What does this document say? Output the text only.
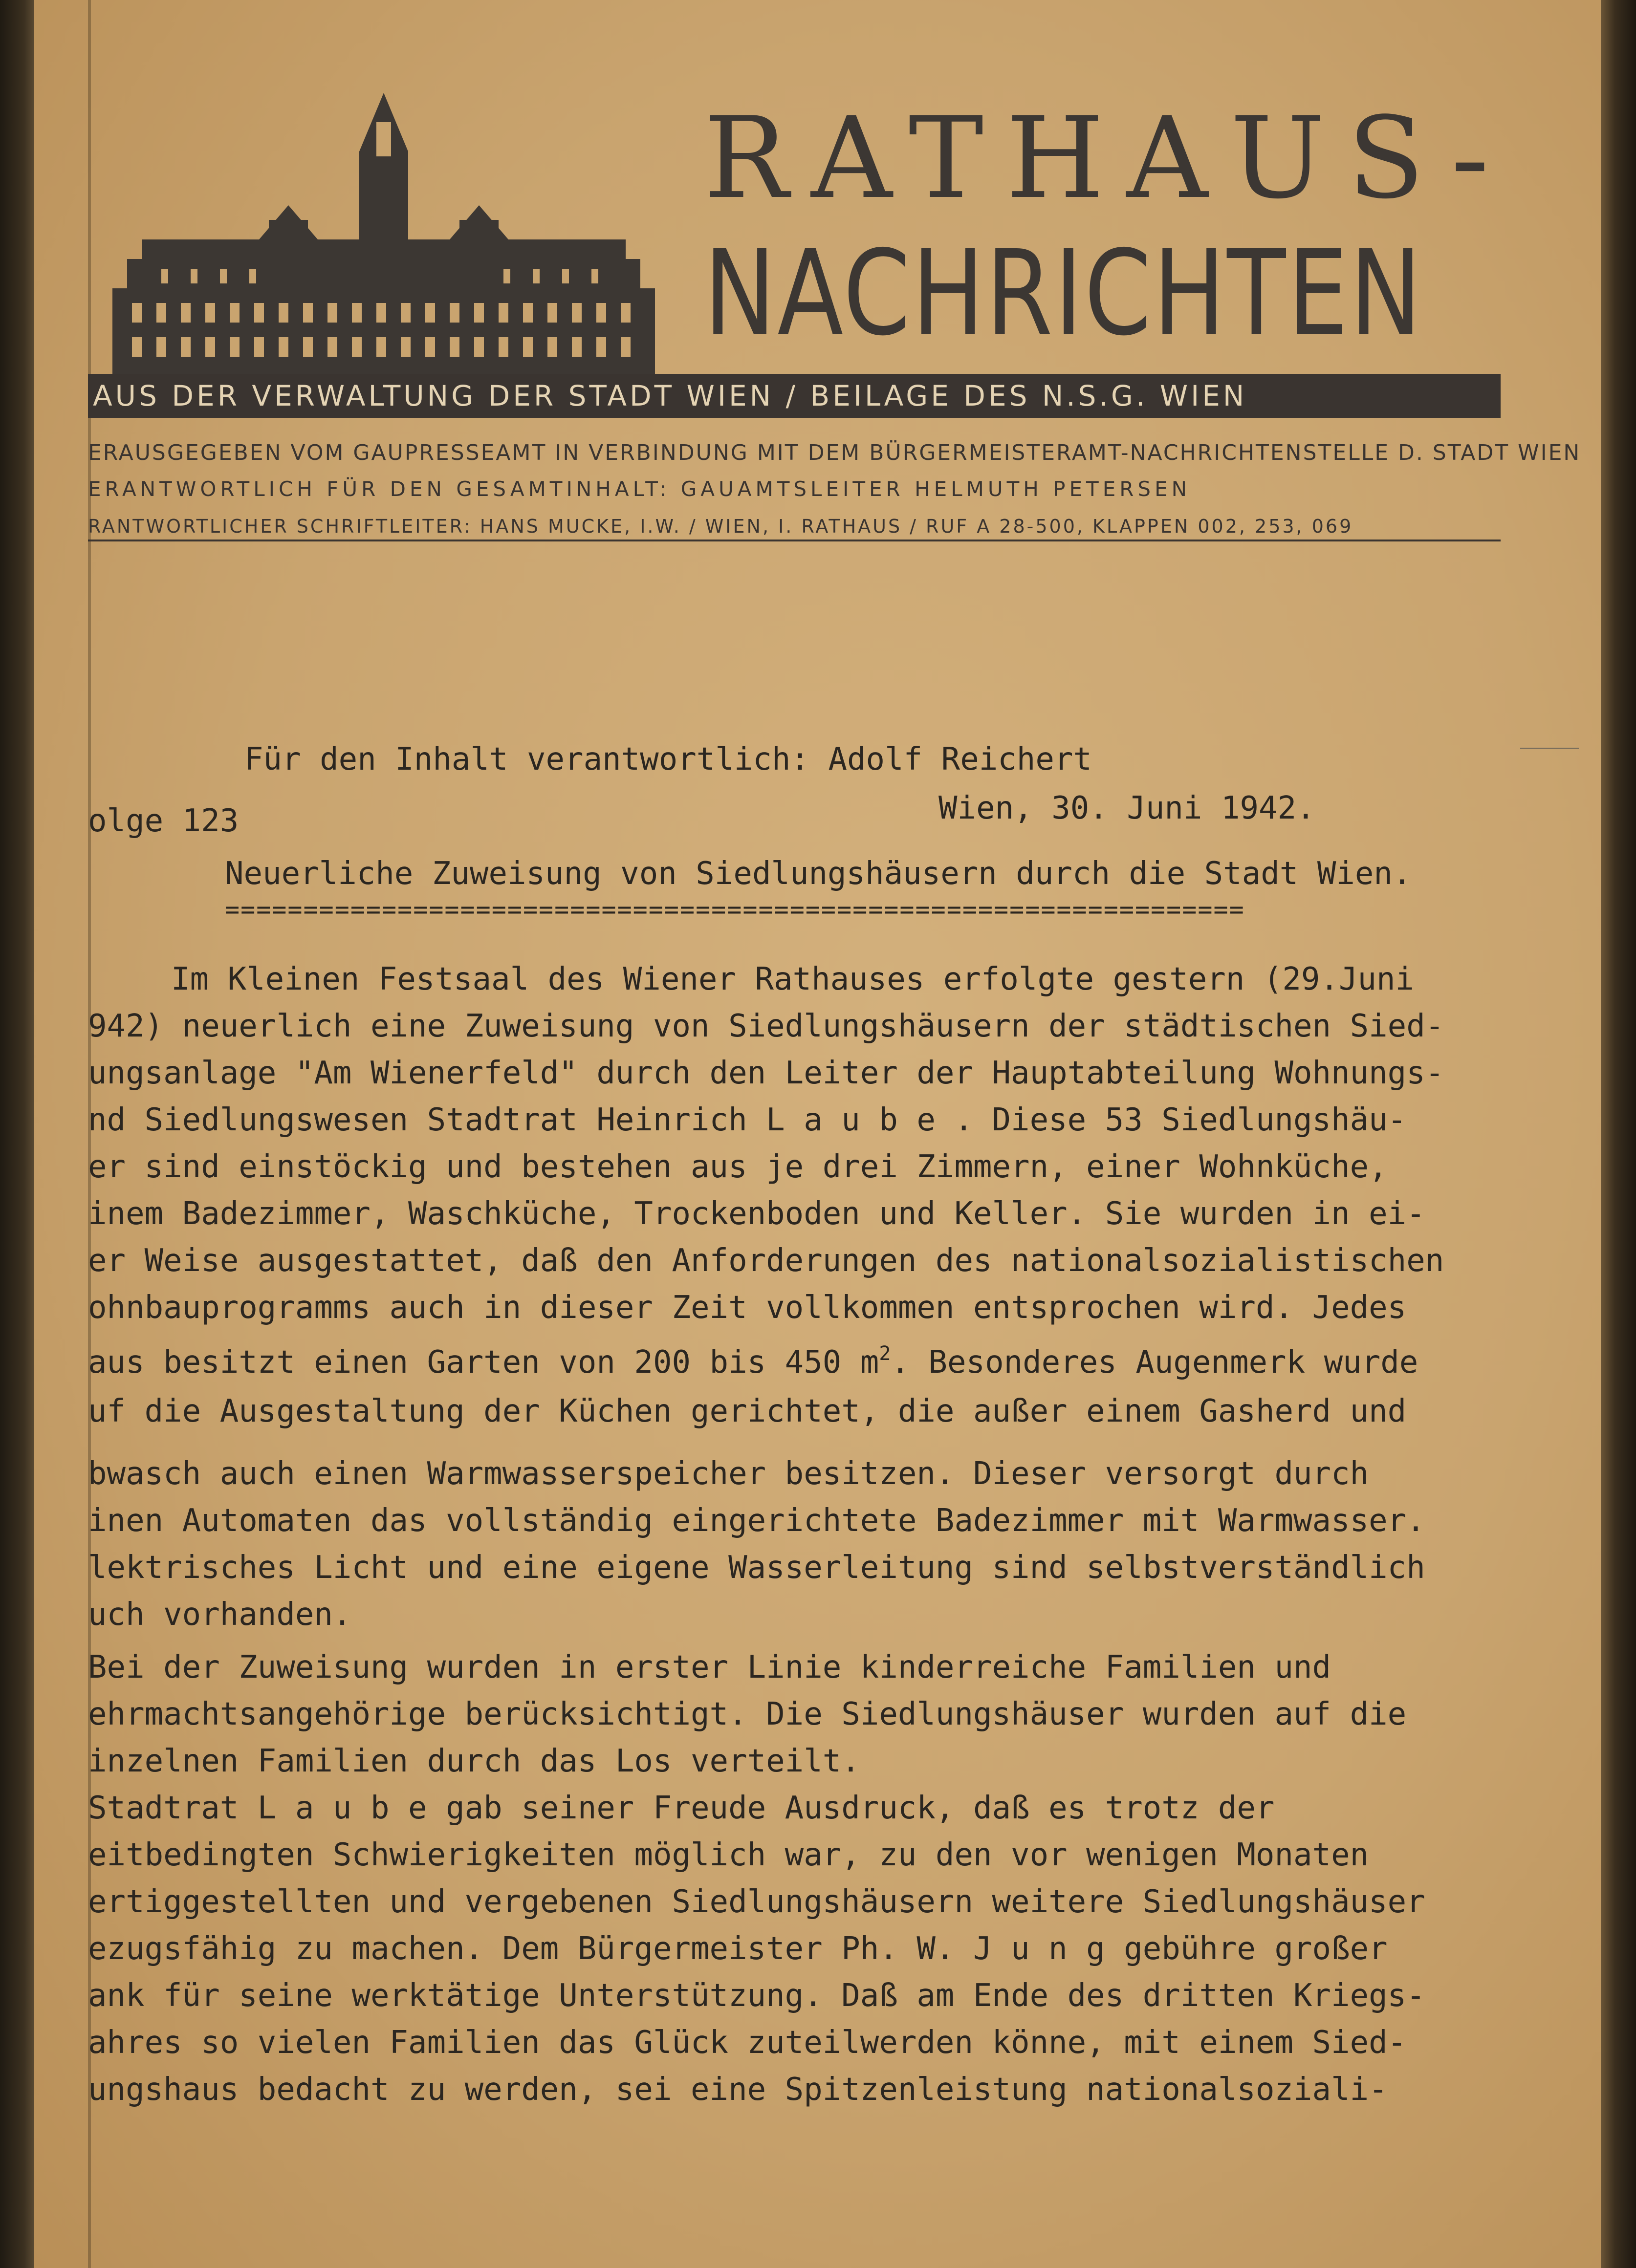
RATHAUS-
NACHRICHTEN
AUS DER VERWALTUNG DER STADT WIEN / BEILAGE DES N.S.G. WIEN
ERAUSGEGEBEN VOM GAUPRESSEAMT IN VERBINDUNG MIT DEM BÜRGERMEISTERAMT-NACHRICHTENSTELLE D. STADT WIEN
ERANTWORTLICH FÜR DEN GESAMTINHALT: GAUAMTSLEITER HELMUTH PETERSEN
RANTWORTLICHER SCHRIFTLEITER: HANS MUCKE, I.W. / WIEN, I. RATHAUS / RUF A 28-500, KLAPPEN 002, 253, 069
Für den Inhalt verantwortlich: Adolf Reichert
Wien, 30. Juni 1942.
olge 123
Neuerliche Zuweisung von Siedlungshäusern durch die Stadt Wien.
=================================================================
Im Kleinen Festsaal des Wiener Rathauses erfolgte gestern (29.Juni
942) neuerlich eine Zuweisung von Siedlungshäusern der städtischen Sied-
ungsanlage "Am Wienerfeld" durch den Leiter der Hauptabteilung Wohnungs-
nd Siedlungswesen Stadtrat Heinrich L a u b e . Diese 53 Siedlungshäu-
er sind einstöckig und bestehen aus je drei Zimmern, einer Wohnküche,
inem Badezimmer, Waschküche, Trockenboden und Keller. Sie wurden in ei-
er Weise ausgestattet, daß den Anforderungen des nationalsozialistischen
ohnbauprogramms auch in dieser Zeit vollkommen entsprochen wird. Jedes
aus besitzt einen Garten von 200 bis 450 $m^2$. Besonderes Augenmerk wurde
uf die Ausgestaltung der Küchen gerichtet, die außer einem Gasherd und
bwasch auch einen Warmwasserspeicher besitzen. Dieser versorgt durch
inen Automaten das vollständig eingerichtete Badezimmer mit Warmwasser.
lektrisches Licht und eine eigene Wasserleitung sind selbstverständlich
uch vorhanden.
Bei der Zuweisung wurden in erster Linie kinderreiche Familien und
ehrmachtsangehörige berücksichtigt. Die Siedlungshäuser wurden auf die
inzelnen Familien durch das Los verteilt.
Stadtrat L a u b e gab seiner Freude Ausdruck, daß es trotz der
eitbedingten Schwierigkeiten möglich war, zu den vor wenigen Monaten
ertiggestellten und vergebenen Siedlungshäusern weitere Siedlungshäuser
ezugsfähig zu machen. Dem Bürgermeister Ph. W. J u n g gebühre großer
ank für seine werktätige Unterstützung. Daß am Ende des dritten Kriegs-
ahres so vielen Familien das Glück zuteilwerden könne, mit einem Sied-
ungshaus bedacht zu werden, sei eine Spitzenleistung nationalsoziali-
